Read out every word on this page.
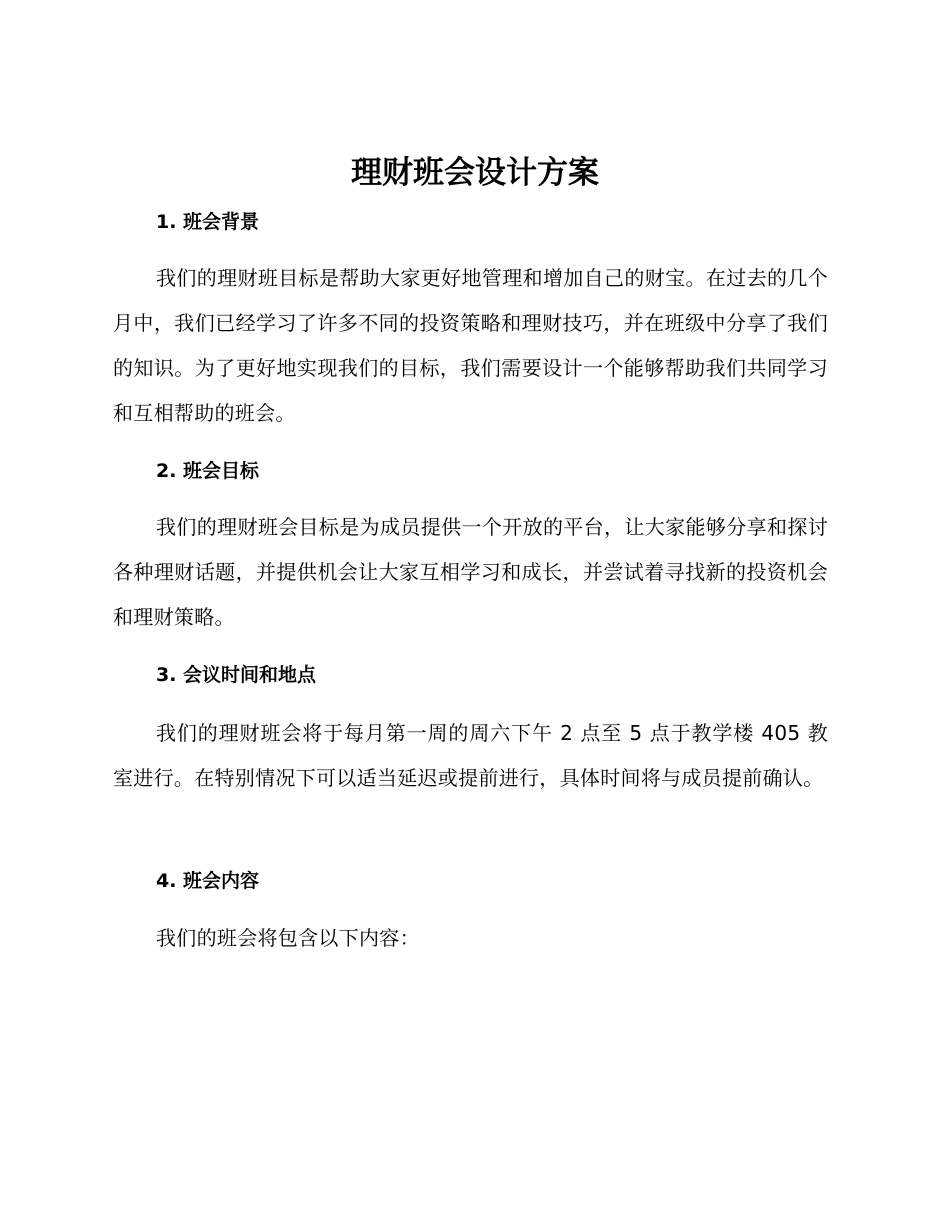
理财班会设计方案
1. 班会背景

我们的理财班目标是帮助大家更好地管理和增加自己的财宝。在过去的几个月中，我们已经学习了许多不同的投资策略和理财技巧，并在班级中分享了我们的知识。为了更好地实现我们的目标，我们需要设计一个能够帮助我们共同学习和互相帮助的班会。

2. 班会目标

我们的理财班会目标是为成员提供一个开放的平台，让大家能够分享和探讨各种理财话题，并提供机会让大家互相学习和成长，并尝试着寻找新的投资机会和理财策略。

3. 会议时间和地点

我们的理财班会将于每月第一周的周六下午 2 点至 5 点于教学楼 405 教室进行。在特别情况下可以适当延迟或提前进行，具体时间将与成员提前确认。

4. 班会内容

我们的班会将包含以下内容：
